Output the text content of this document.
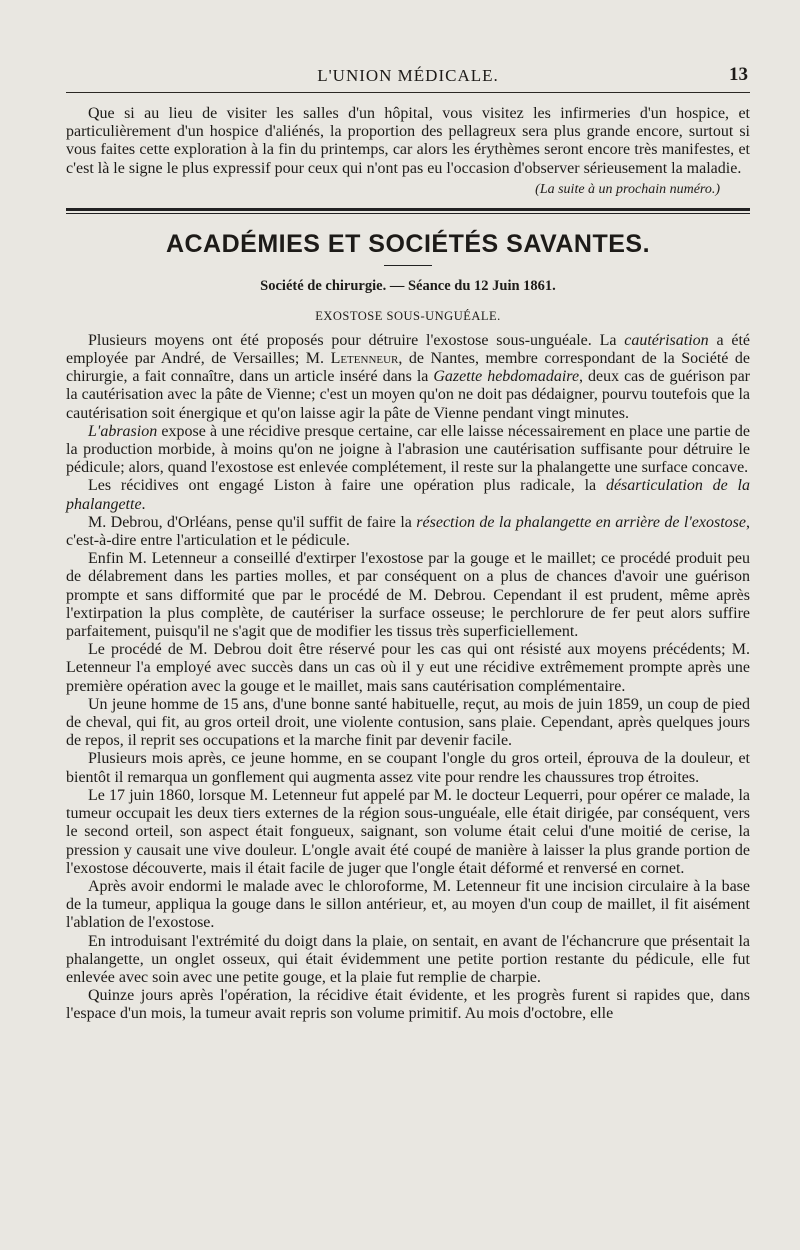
L'UNION MÉDICALE.	13

Que si au lieu de visiter les salles d'un hôpital, vous visitez les infirmeries d'un hospice, et particulièrement d'un hospice d'aliénés, la proportion des pellagreux sera plus grande encore, surtout si vous faites cette exploration à la fin du printemps, car alors les érythèmes seront encore très manifestes, et c'est là le signe le plus expressif pour ceux qui n'ont pas eu l'occasion d'observer sérieusement la maladie.

(La suite à un prochain numéro.)
ACADÉMIES ET SOCIÉTÉS SAVANTES.
Société de chirurgie. — Séance du 12 Juin 1861.
EXOSTOSE SOUS-UNGUÉALE.

Plusieurs moyens ont été proposés pour détruire l'exostose sous-unguéale. La cautérisation a été employée par André, de Versailles; M. Letenneur, de Nantes, membre correspondant de la Société de chirurgie, a fait connaître, dans un article inséré dans la Gazette hebdomadaire, deux cas de guérison par la cautérisation avec la pâte de Vienne; c'est un moyen qu'on ne doit pas dédaigner, pourvu toutefois que la cautérisation soit énergique et qu'on laisse agir la pâte de Vienne pendant vingt minutes.

L'abrasion expose à une récidive presque certaine, car elle laisse nécessairement en place une partie de la production morbide, à moins qu'on ne joigne à l'abrasion une cautérisation suffisante pour détruire le pédicule; alors, quand l'exostose est enlevée complétement, il reste sur la phalangette une surface concave.

Les récidives ont engagé Liston à faire une opération plus radicale, la désarticulation de la phalangette.

M. Debrou, d'Orléans, pense qu'il suffit de faire la résection de la phalangette en arrière de l'exostose, c'est-à-dire entre l'articulation et le pédicule.

Enfin M. Letenneur a conseillé d'extirper l'exostose par la gouge et le maillet; ce procédé produit peu de délabrement dans les parties molles, et par conséquent on a plus de chances d'avoir une guérison prompte et sans difformité que par le procédé de M. Debrou. Cependant il est prudent, même après l'extirpation la plus complète, de cautériser la surface osseuse; le perchlorure de fer peut alors suffire parfaitement, puisqu'il ne s'agit que de modifier les tissus très superficiellement.

Le procédé de M. Debrou doit être réservé pour les cas qui ont résisté aux moyens précédents; M. Letenneur l'a employé avec succès dans un cas où il y eut une récidive extrêmement prompte après une première opération avec la gouge et le maillet, mais sans cautérisation complémentaire.

Un jeune homme de 15 ans, d'une bonne santé habituelle, reçut, au mois de juin 1859, un coup de pied de cheval, qui fit, au gros orteil droit, une violente contusion, sans plaie. Cependant, après quelques jours de repos, il reprit ses occupations et la marche finit par devenir facile.

Plusieurs mois après, ce jeune homme, en se coupant l'ongle du gros orteil, éprouva de la douleur, et bientôt il remarqua un gonflement qui augmenta assez vite pour rendre les chaussures trop étroites.

Le 17 juin 1860, lorsque M. Letenneur fut appelé par M. le docteur Lequerri, pour opérer ce malade, la tumeur occupait les deux tiers externes de la région sous-unguéale, elle était dirigée, par conséquent, vers le second orteil, son aspect était fongueux, saignant, son volume était celui d'une moitié de cerise, la pression y causait une vive douleur. L'ongle avait été coupé de manière à laisser la plus grande portion de l'exostose découverte, mais il était facile de juger que l'ongle était déformé et renversé en cornet.

Après avoir endormi le malade avec le chloroforme, M. Letenneur fit une incision circulaire à la base de la tumeur, appliqua la gouge dans le sillon antérieur, et, au moyen d'un coup de maillet, il fit aisément l'ablation de l'exostose.

En introduisant l'extrémité du doigt dans la plaie, on sentait, en avant de l'échancrure que présentait la phalangette, un onglet osseux, qui était évidemment une petite portion restante du pédicule, elle fut enlevée avec soin avec une petite gouge, et la plaie fut remplie de charpie.

Quinze jours après l'opération, la récidive était évidente, et les progrès furent si rapides que, dans l'espace d'un mois, la tumeur avait repris son volume primitif. Au mois d'octobre, elle
